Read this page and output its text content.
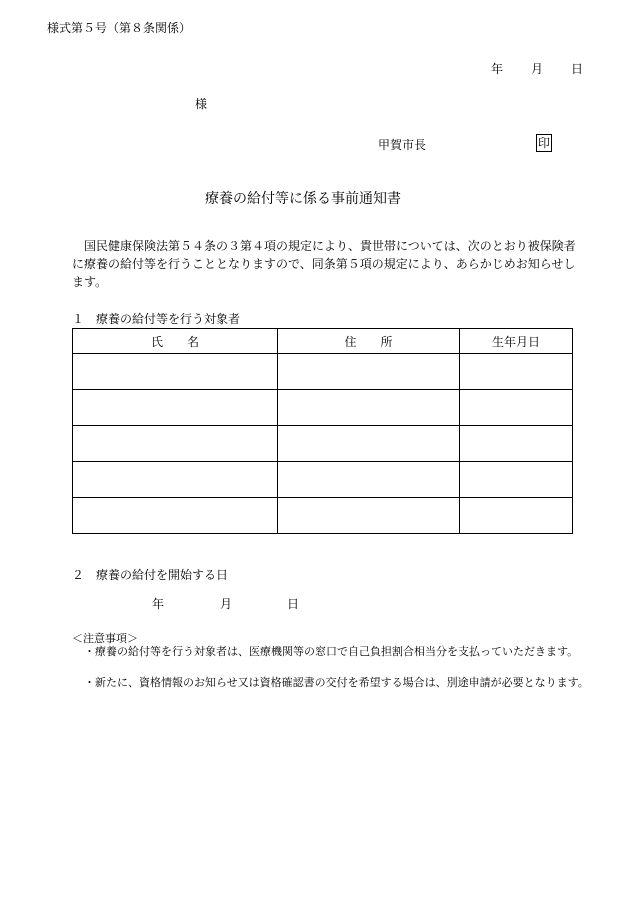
様式第５号（第８条関係）
年 月 日
様
甲賀市長	印
療養の給付等に係る事前通知書
国民健康保険法第５４条の３第４項の規定により、貴世帯については、次のとおり被保険者に療養の給付等を行うこととなりますので、同条第５項の規定により、あらかじめお知らせします。
１　療養の給付等を行う対象者
氏　　名	住　　所	生年月日

２　療養の給付を開始する日
年	月	日
＜注意事項＞
・療養の給付等を行う対象者は、医療機関等の窓口で自己負担割合相当分を支払っていただきます。
・新たに、資格情報のお知らせ又は資格確認書の交付を希望する場合は、別途申請が必要となります。
